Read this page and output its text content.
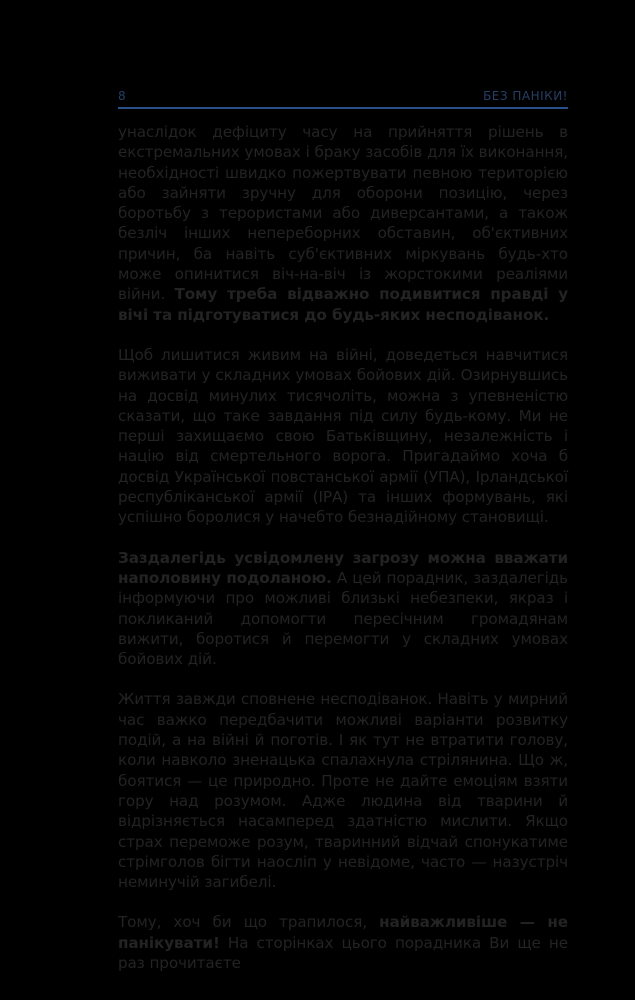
8	БЕЗ ПАНІКИ!

унаслідок дефіциту часу на прийняття рішень в екстремальних умовах і браку засобів для їх виконання, необхідності швидко пожертвувати певною територією або зайняти зручну для оборони позицію, через боротьбу з терористами або диверсантами, а також безліч інших непереборних обставин, об'єктивних причин, ба навіть суб'єктивних міркувань будь-хто може опинитися віч-на-віч із жорстокими реаліями війни. Тому треба відважно подивитися правді у вічі та підготуватися до будь-яких несподіванок.

Щоб лишитися живим на війні, доведеться навчитися виживати у складних умовах бойових дій. Озирнувшись на досвід минулих тисячоліть, можна з упевненістю сказати, що таке завдання під силу будь-кому. Ми не перші захищаємо свою Батьківщину, незалежність і націю від смертельного ворога. Пригадаймо хоча б досвід Української повстанської армії (УПА), Ірландської республіканської армії (ІРА) та інших формувань, які успішно боролися у начебто безнадійному становищі.

Заздалегідь усвідомлену загрозу можна вважати наполовину подоланою. А цей порадник, заздалегідь інформуючи про можливі близькі небезпеки, якраз і покликаний допомогти пересічним громадянам вижити, боротися й перемогти у складних умовах бойових дій.

Життя завжди сповнене несподіванок. Навіть у мирний час важко передбачити можливі варіанти розвитку подій, а на війні й поготів. І як тут не втратити голову, коли навколо зненацька спалахнула стрілянина. Що ж, боятися — це природно. Проте не дайте емоціям взяти гору над розумом. Адже людина від тварини й відрізняється насамперед здатністю мислити. Якщо страх переможе розум, тваринний відчай спонукатиме стрімголов бігти наосліп у невідоме, часто — назустріч неминучій загибелі.

Тому, хоч би що трапилося, найважливіше — не панікувати! На сторінках цього порадника Ви ще не раз прочитаєте
